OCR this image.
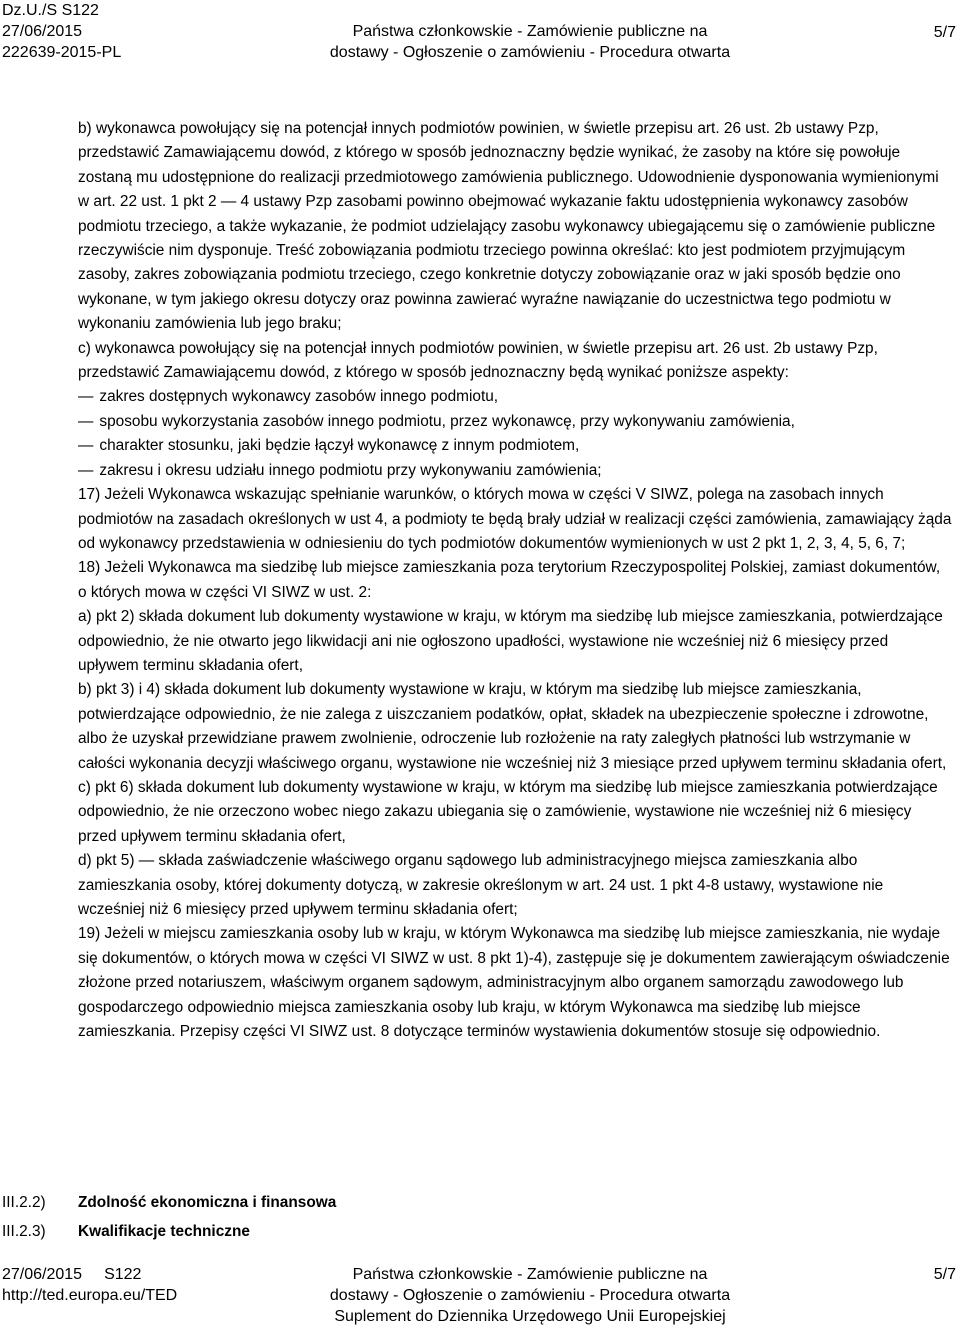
Dz.U./S S122
27/06/2015
222639-2015-PL
Państwa członkowskie - Zamówienie publiczne na
dostawy - Ogłoszenie o zamówieniu - Procedura otwarta
5/7

b) wykonawca powołujący się na potencjał innych podmiotów powinien, w świetle przepisu art. 26 ust. 2b ustawy Pzp, przedstawić Zamawiającemu dowód, z którego w sposób jednoznaczny będzie wynikać, że zasoby na które się powołuje zostaną mu udostępnione do realizacji przedmiotowego zamówienia publicznego. Udowodnienie dysponowania wymienionymi w art. 22 ust. 1 pkt 2 — 4 ustawy Pzp zasobami powinno obejmować wykazanie faktu udostępnienia wykonawcy zasobów podmiotu trzeciego, a także wykazanie, że podmiot udzielający zasobu wykonawcy ubiegającemu się o zamówienie publiczne rzeczywiście nim dysponuje. Treść zobowiązania podmiotu trzeciego powinna określać: kto jest podmiotem przyjmującym zasoby, zakres zobowiązania podmiotu trzeciego, czego konkretnie dotyczy zobowiązanie oraz w jaki sposób będzie ono wykonane, w tym jakiego okresu dotyczy oraz powinna zawierać wyraźne nawiązanie do uczestnictwa tego podmiotu w wykonaniu zamówienia lub jego braku;

c) wykonawca powołujący się na potencjał innych podmiotów powinien, w świetle przepisu art. 26 ust. 2b ustawy Pzp, przedstawić Zamawiającemu dowód, z którego w sposób jednoznaczny będą wynikać poniższe aspekty:

— zakres dostępnych wykonawcy zasobów innego podmiotu,
— sposobu wykorzystania zasobów innego podmiotu, przez wykonawcę, przy wykonywaniu zamówienia,
— charakter stosunku, jaki będzie łączył wykonawcę z innym podmiotem,
— zakresu i okresu udziału innego podmiotu przy wykonywaniu zamówienia;

17) Jeżeli Wykonawca wskazując spełnianie warunków, o których mowa w części V SIWZ, polega na zasobach innych podmiotów na zasadach określonych w ust 4, a podmioty te będą brały udział w realizacji części zamówienia, zamawiający żąda od wykonawcy przedstawienia w odniesieniu do tych podmiotów dokumentów wymienionych w ust 2 pkt 1, 2, 3, 4, 5, 6, 7;

18) Jeżeli Wykonawca ma siedzibę lub miejsce zamieszkania poza terytorium Rzeczypospolitej Polskiej, zamiast dokumentów, o których mowa w części VI SIWZ w ust. 2:

a) pkt 2) składa dokument lub dokumenty wystawione w kraju, w którym ma siedzibę lub miejsce zamieszkania, potwierdzające odpowiednio, że nie otwarto jego likwidacji ani nie ogłoszono upadłości, wystawione nie wcześniej niż 6 miesięcy przed upływem terminu składania ofert,

b) pkt 3) i 4) składa dokument lub dokumenty wystawione w kraju, w którym ma siedzibę lub miejsce zamieszkania, potwierdzające odpowiednio, że nie zalega z uiszczaniem podatków, opłat, składek na ubezpieczenie społeczne i zdrowotne, albo że uzyskał przewidziane prawem zwolnienie, odroczenie lub rozłożenie na raty zaległych płatności lub wstrzymanie w całości wykonania decyzji właściwego organu, wystawione nie wcześniej niż 3 miesiące przed upływem terminu składania ofert,

c) pkt 6) składa dokument lub dokumenty wystawione w kraju, w którym ma siedzibę lub miejsce zamieszkania potwierdzające odpowiednio, że nie orzeczono wobec niego zakazu ubiegania się o zamówienie, wystawione nie wcześniej niż 6 miesięcy przed upływem terminu składania ofert,

d) pkt 5) — składa zaświadczenie właściwego organu sądowego lub administracyjnego miejsca zamieszkania albo zamieszkania osoby, której dokumenty dotyczą, w zakresie określonym w art. 24 ust. 1 pkt 4-8 ustawy, wystawione nie wcześniej niż 6 miesięcy przed upływem terminu składania ofert;

19) Jeżeli w miejscu zamieszkania osoby lub w kraju, w którym Wykonawca ma siedzibę lub miejsce zamieszkania, nie wydaje się dokumentów, o których mowa w części VI SIWZ w ust. 8 pkt 1)-4), zastępuje się je dokumentem zawierającym oświadczenie złożone przed notariuszem, właściwym organem sądowym, administracyjnym albo organem samorządu zawodowego lub gospodarczego odpowiednio miejsca zamieszkania osoby lub kraju, w którym Wykonawca ma siedzibę lub miejsce zamieszkania. Przepisy części VI SIWZ ust. 8 dotyczące terminów wystawienia dokumentów stosuje się odpowiednio.

III.2.2) Zdolność ekonomiczna i finansowa
III.2.3) Kwalifikacje techniczne
27/06/2015 S122
http://ted.europa.eu/TED
Państwa członkowskie - Zamówienie publiczne na
dostawy - Ogłoszenie o zamówieniu - Procedura otwarta
Suplement do Dziennika Urzędowego Unii Europejskiej
5/7
